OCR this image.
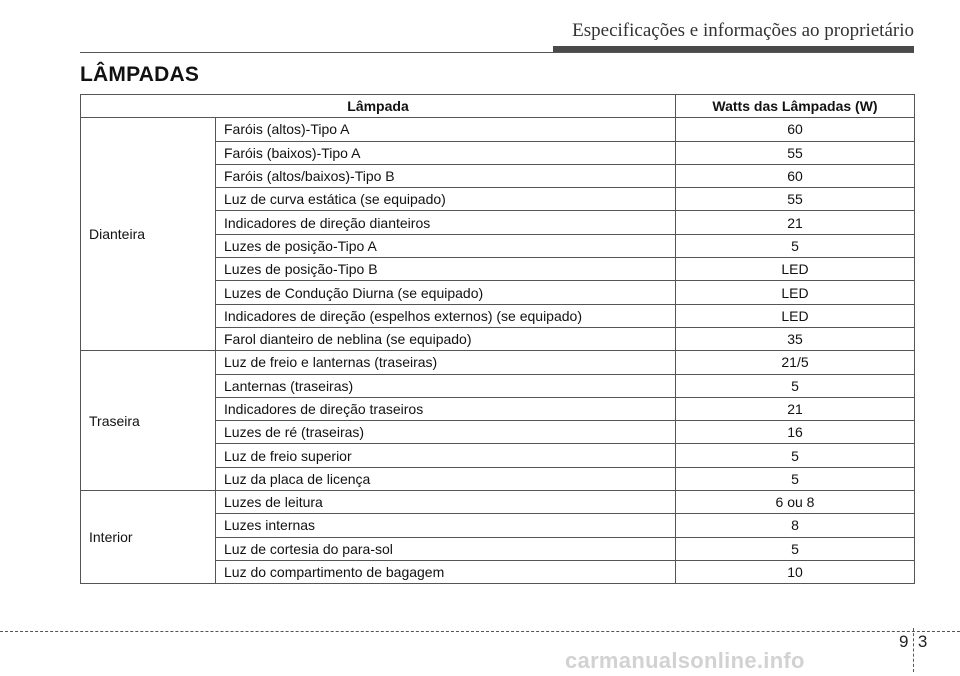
Especificações e informações ao proprietário
LÂMPADAS
Lâmpada		Watts das Lâmpadas (W)
Dianteira	Faróis (altos)-Tipo A	60
	Faróis (baixos)-Tipo A	55
	Faróis (altos/baixos)-Tipo B	60
	Luz de curva estática (se equipado)	55
	Indicadores de direção dianteiros	21
	Luzes de posição-Tipo A	5
	Luzes de posição-Tipo B	LED
	Luzes de Condução Diurna (se equipado)	LED
	Indicadores de direção (espelhos externos) (se equipado)	LED
	Farol dianteiro de neblina (se equipado)	35
Traseira	Luz de freio e lanternas (traseiras)	21/5
	Lanternas (traseiras)	5
	Indicadores de direção traseiros	21
	Luzes de ré (traseiras)	16
	Luz de freio superior	5
	Luz da placa de licença	5
Interior	Luzes de leitura	6 ou 8
	Luzes internas	8
	Luz de cortesia do para-sol	5
	Luz do compartimento de bagagem	10
9 3
carmanualsonline.info
